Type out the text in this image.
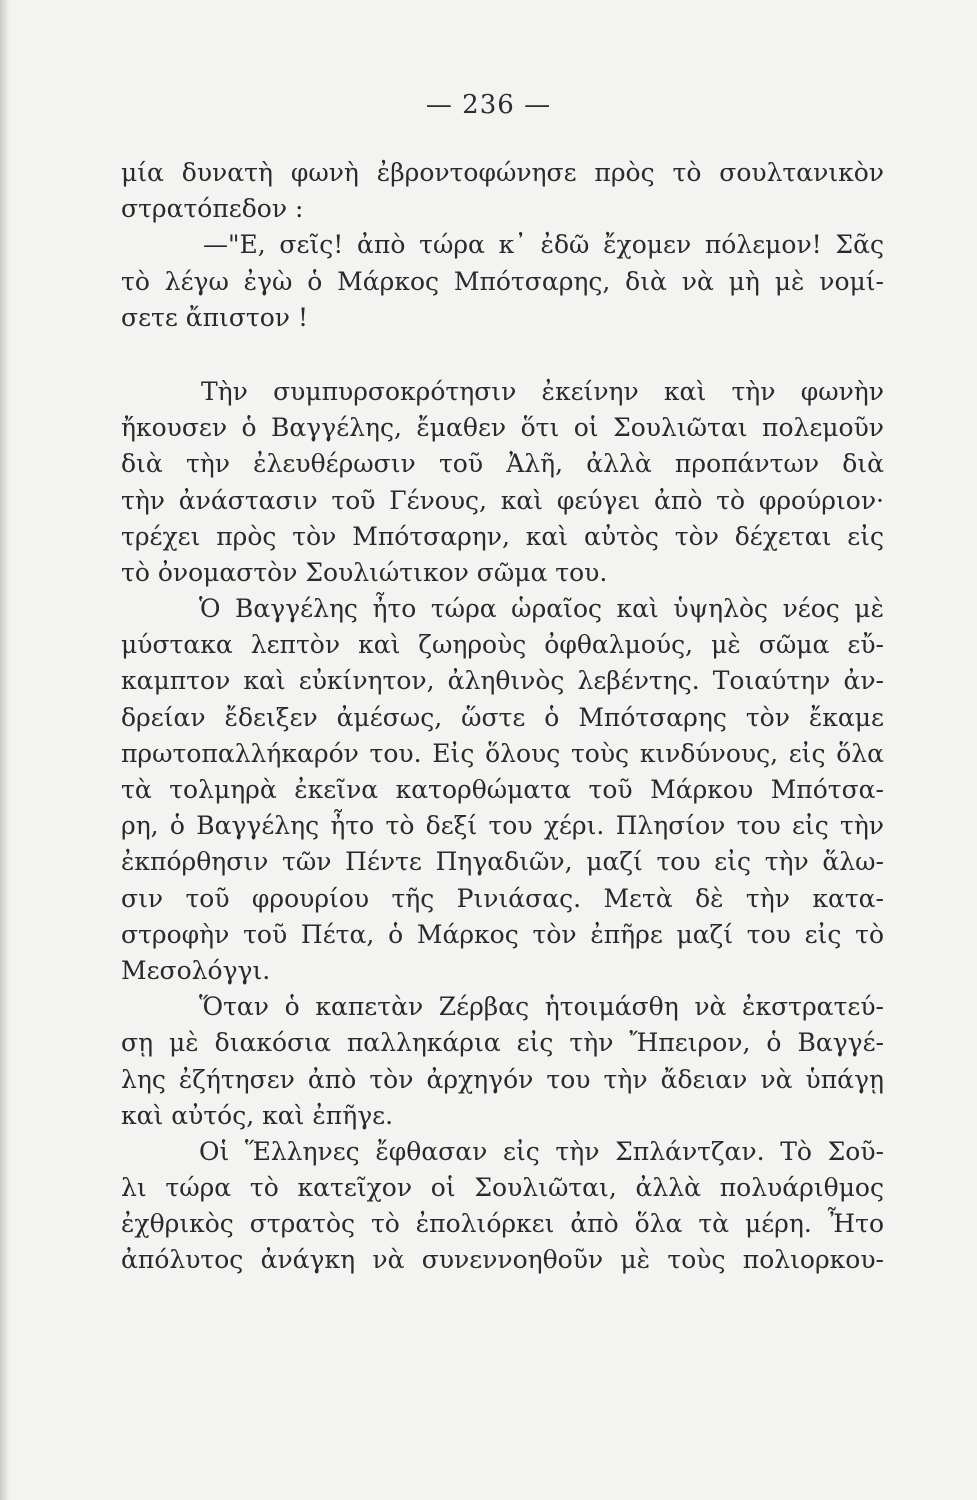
— 236 —
μία δυνατὴ φωνὴ ἐβροντοφώνησε πρὸς τὸ σουλτανικὸν
στρατόπεδον :
—"Ε, σεῖς! ἀπὸ τώρα κ᾽ ἐδῶ ἔχομεν πόλεμον! Σᾶς
τὸ λέγω ἐγὼ ὁ Μάρκος Μπότσαρης, διὰ νὰ μὴ μὲ νομί-
σετε ἄπιστον !
Τὴν συμπυρσοκρότησιν ἐκείνην καὶ τὴν φωνὴν
ἤκουσεν ὁ Βαγγέλης, ἔμαθεν ὅτι οἱ Σουλιῶται πολεμοῦν
διὰ τὴν ἐλευθέρωσιν τοῦ Ἀλῆ, ἀλλὰ προπάντων διὰ
τὴν ἀνάστασιν τοῦ Γένους, καὶ φεύγει ἀπὸ τὸ φρούριον·
τρέχει πρὸς τὸν Μπότσαρην, καὶ αὐτὸς τὸν δέχεται εἰς
τὸ ὀνομαστὸν Σουλιώτικον σῶμα του.
Ὁ Βαγγέλης ἦτο τώρα ὡραῖος καὶ ὑψηλὸς νέος μὲ
μύστακα λεπτὸν καὶ ζωηροὺς ὀφθαλμούς, μὲ σῶμα εὔ-
καμπτον καὶ εὐκίνητον, ἀληθινὸς λεβέντης. Τοιαύτην ἀν-
δρείαν ἔδειξεν ἀμέσως, ὥστε ὁ Μπότσαρης τὸν ἔκαμε
πρωτοπαλλήκαρόν του. Εἰς ὅλους τοὺς κινδύνους, εἰς ὅλα
τὰ τολμηρὰ ἐκεῖνα κατορθώματα τοῦ Μάρκου Μπότσα-
ρη, ὁ Βαγγέλης ἦτο τὸ δεξί του χέρι. Πλησίον του εἰς τὴν
ἐκπόρθησιν τῶν Πέντε Πηγαδιῶν, μαζί του εἰς τὴν ἅλω-
σιν τοῦ φρουρίου τῆς Ρινιάσας. Μετὰ δὲ τὴν κατα-
στροφὴν τοῦ Πέτα, ὁ Μάρκος τὸν ἐπῆρε μαζί του εἰς τὸ
Μεσολόγγι.
Ὅταν ὁ καπετὰν Ζέρβας ἡτοιμάσθη νὰ ἐκστρατεύ-
σῃ μὲ διακόσια παλληκάρια εἰς τὴν Ἤπειρον, ὁ Βαγγέ-
λης ἐζήτησεν ἀπὸ τὸν ἀρχηγόν του τὴν ἄδειαν νὰ ὑπάγῃ
καὶ αὐτός, καὶ ἐπῆγε.
Οἱ Ἕλληνες ἔφθασαν εἰς τὴν Σπλάντζαν. Τὸ Σοῦ-
λι τώρα τὸ κατεῖχον οἱ Σουλιῶται, ἀλλὰ πολυάριθμος
ἐχθρικὸς στρατὸς τὸ ἐπολιόρκει ἀπὸ ὅλα τὰ μέρη. Ἦτο
ἀπόλυτος ἀνάγκη νὰ συνεννοηθοῦν μὲ τοὺς πολιορκου-
